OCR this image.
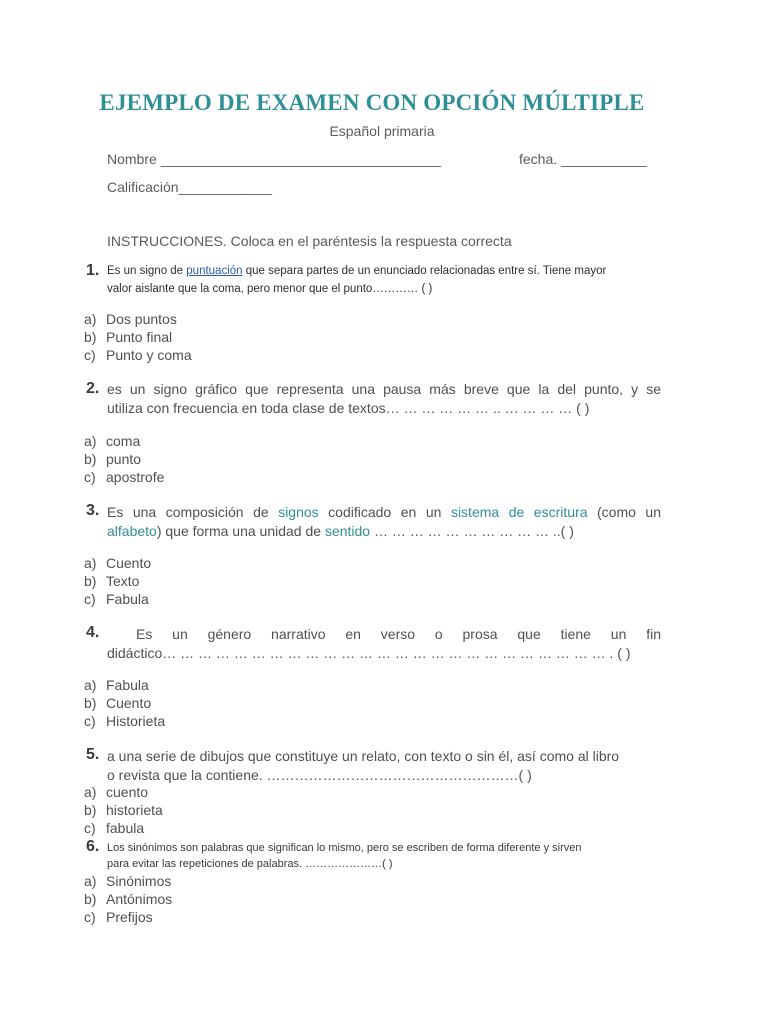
EJEMPLO DE EXAMEN CON OPCIÓN MÚLTIPLE
Español primaria
Nombre ____________________________________	fecha. ___________
Calificación____________
INSTRUCCIONES. Coloca en el paréntesis la respuesta correcta
1. Es un signo de puntuación que separa partes de un enunciado relacionadas entre sí. Tiene mayor
valor aislante que la coma, pero menor que el punto………… ( )
a) Dos puntos
b) Punto final
c) Punto y coma
2. es un signo gráfico que representa una pausa más breve que la del punto, y se
utiliza con frecuencia en toda clase de textos… … … … … … .. … … … … ( )
a) coma
b) punto
c) apostrofe
3. Es una composición de signos codificado en un sistema de escritura (como un
alfabeto) que forma una unidad de sentido … … … … … … … … … … ..( )
a) Cuento
b) Texto
c) Fabula
4.	Es un género narrativo en verso o prosa que tiene un fin
didáctico… … … … … … … … … … … … … … … … … … … … … … … … … . ( )
a) Fabula
b) Cuento
c) Historieta
5. a una serie de dibujos que constituye un relato, con texto o sin él, así como al libro
o revista que la contiene. ………………………………………………( )
a) cuento
b) historieta
c) fabula
6. Los sinónimos son palabras que significan lo mismo, pero se escriben de forma diferente y sirven
para evitar las repeticiones de palabras. …………………( )
a) Sinónimos
b) Antónimos
c) Prefijos
